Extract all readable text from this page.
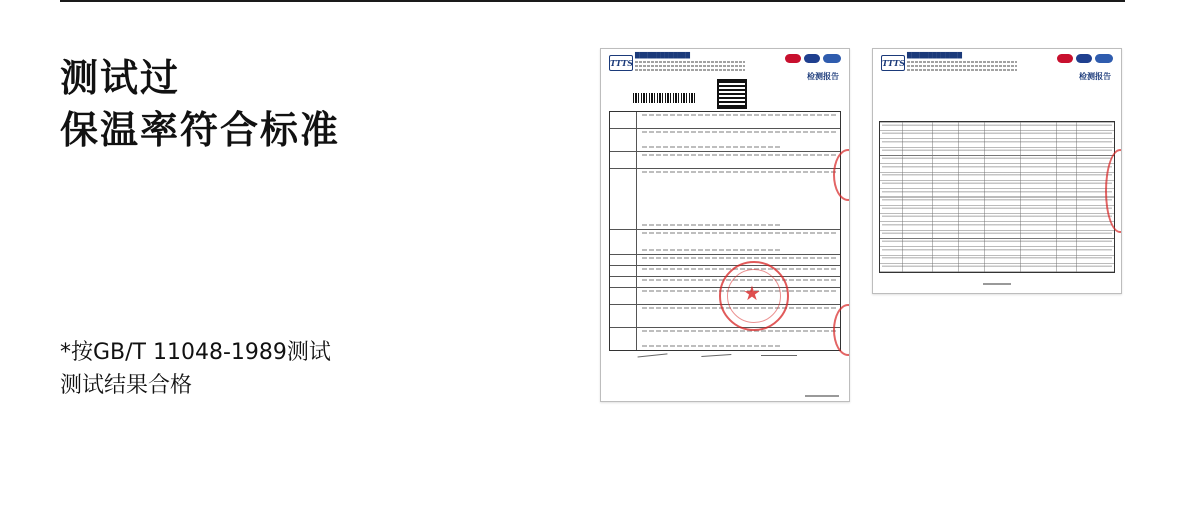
测试过
保温率符合标准
*按GB/T 11048-1989测试
测试结果合格
TTTS
█████████████
检测报告
★
TTTS
█████████████
检测报告
